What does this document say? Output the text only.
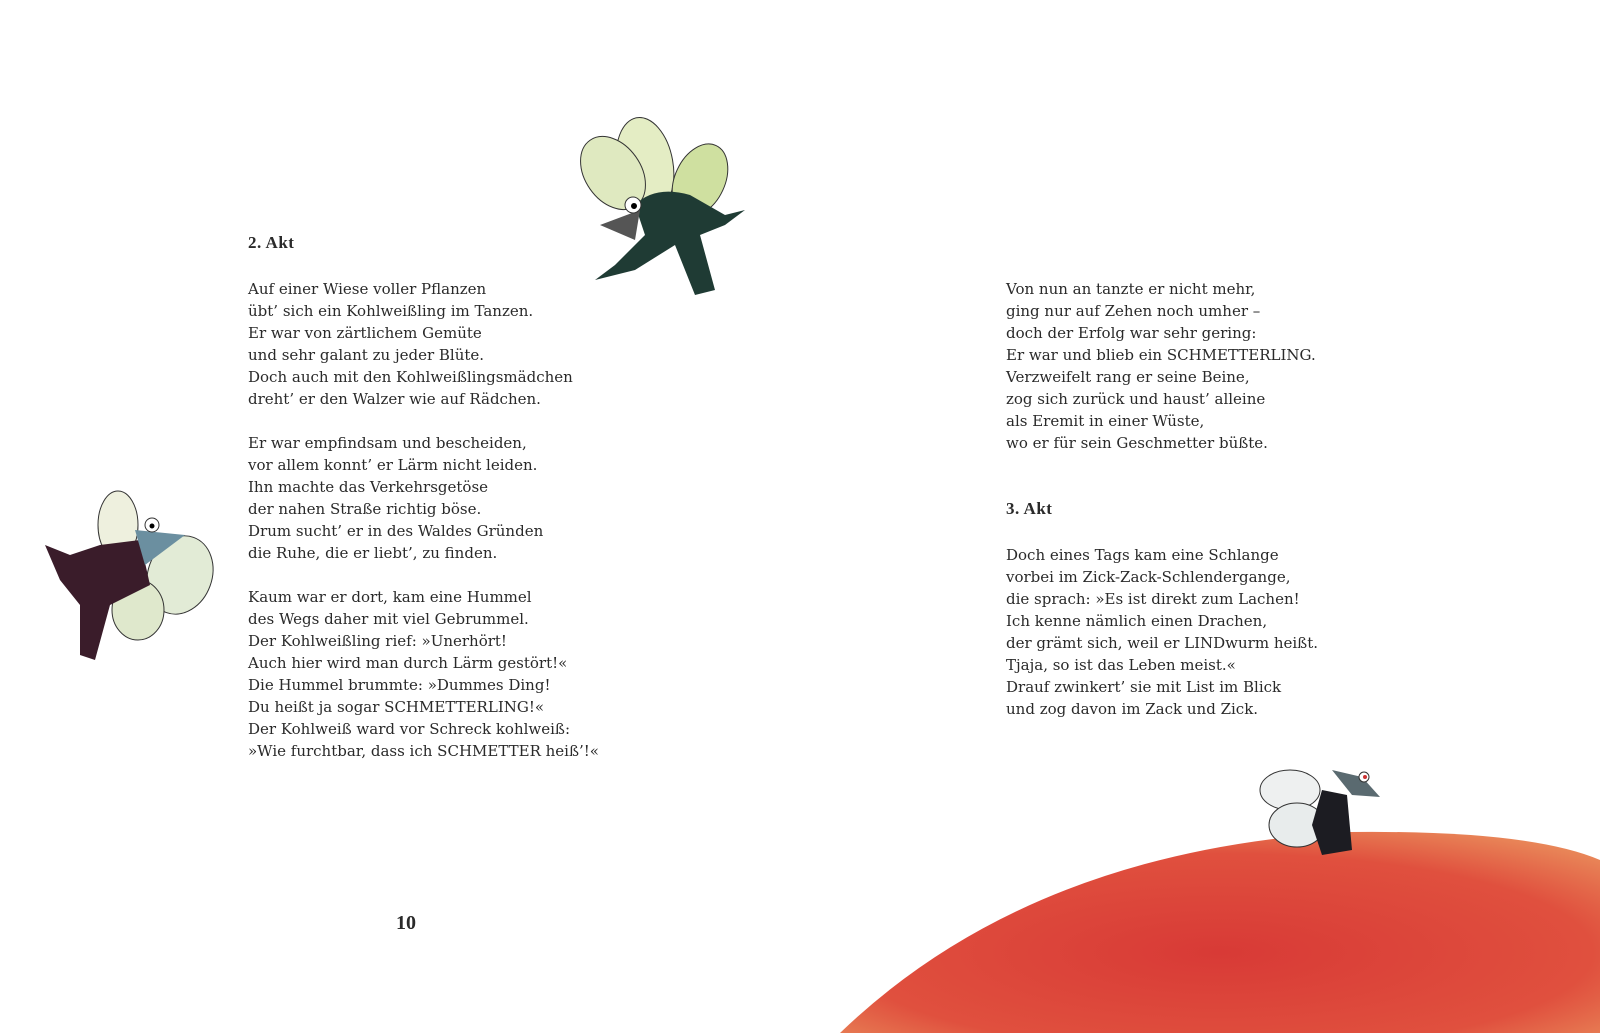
2. Akt

Auf einer Wiese voller Pflanzen

übt’ sich ein Kohlweißling im Tanzen.

Er war von zärtlichem Gemüte

und sehr galant zu jeder Blüte.

Doch auch mit den Kohlweißlingsmädchen

dreht’ er den Walzer wie auf Rädchen.

Er war empfindsam und bescheiden,

vor allem konnt’ er Lärm nicht leiden.

Ihn machte das Verkehrsgetöse

der nahen Straße richtig böse.

Drum sucht’ er in des Waldes Gründen

die Ruhe, die er liebt’, zu finden.

Kaum war er dort, kam eine Hummel

des Wegs daher mit viel Gebrummel.

Der Kohlweißling rief: »Unerhört!

Auch hier wird man durch Lärm gestört!«

Die Hummel brummte: »Dummes Ding!

Du heißt ja sogar SCHMETTERLING!«

Der Kohlweiß ward vor Schreck kohlweiß:

»Wie furchtbar, dass ich SCHMETTER heiß’!«

10

Von nun an tanzte er nicht mehr,

ging nur auf Zehen noch umher –

doch der Erfolg war sehr gering:

Er war und blieb ein SCHMETTERLING.

Verzweifelt rang er seine Beine,

zog sich zurück und haust’ alleine

als Eremit in einer Wüste,

wo er für sein Geschmetter büßte.

3. Akt

Doch eines Tags kam eine Schlange

vorbei im Zick-Zack-Schlendergange,

die sprach: »Es ist direkt zum Lachen!

Ich kenne nämlich einen Drachen,

der grämt sich, weil er LINDwurm heißt.

Tjaja, so ist das Leben meist.«

Drauf zwinkert’ sie mit List im Blick

und zog davon im Zack und Zick.
